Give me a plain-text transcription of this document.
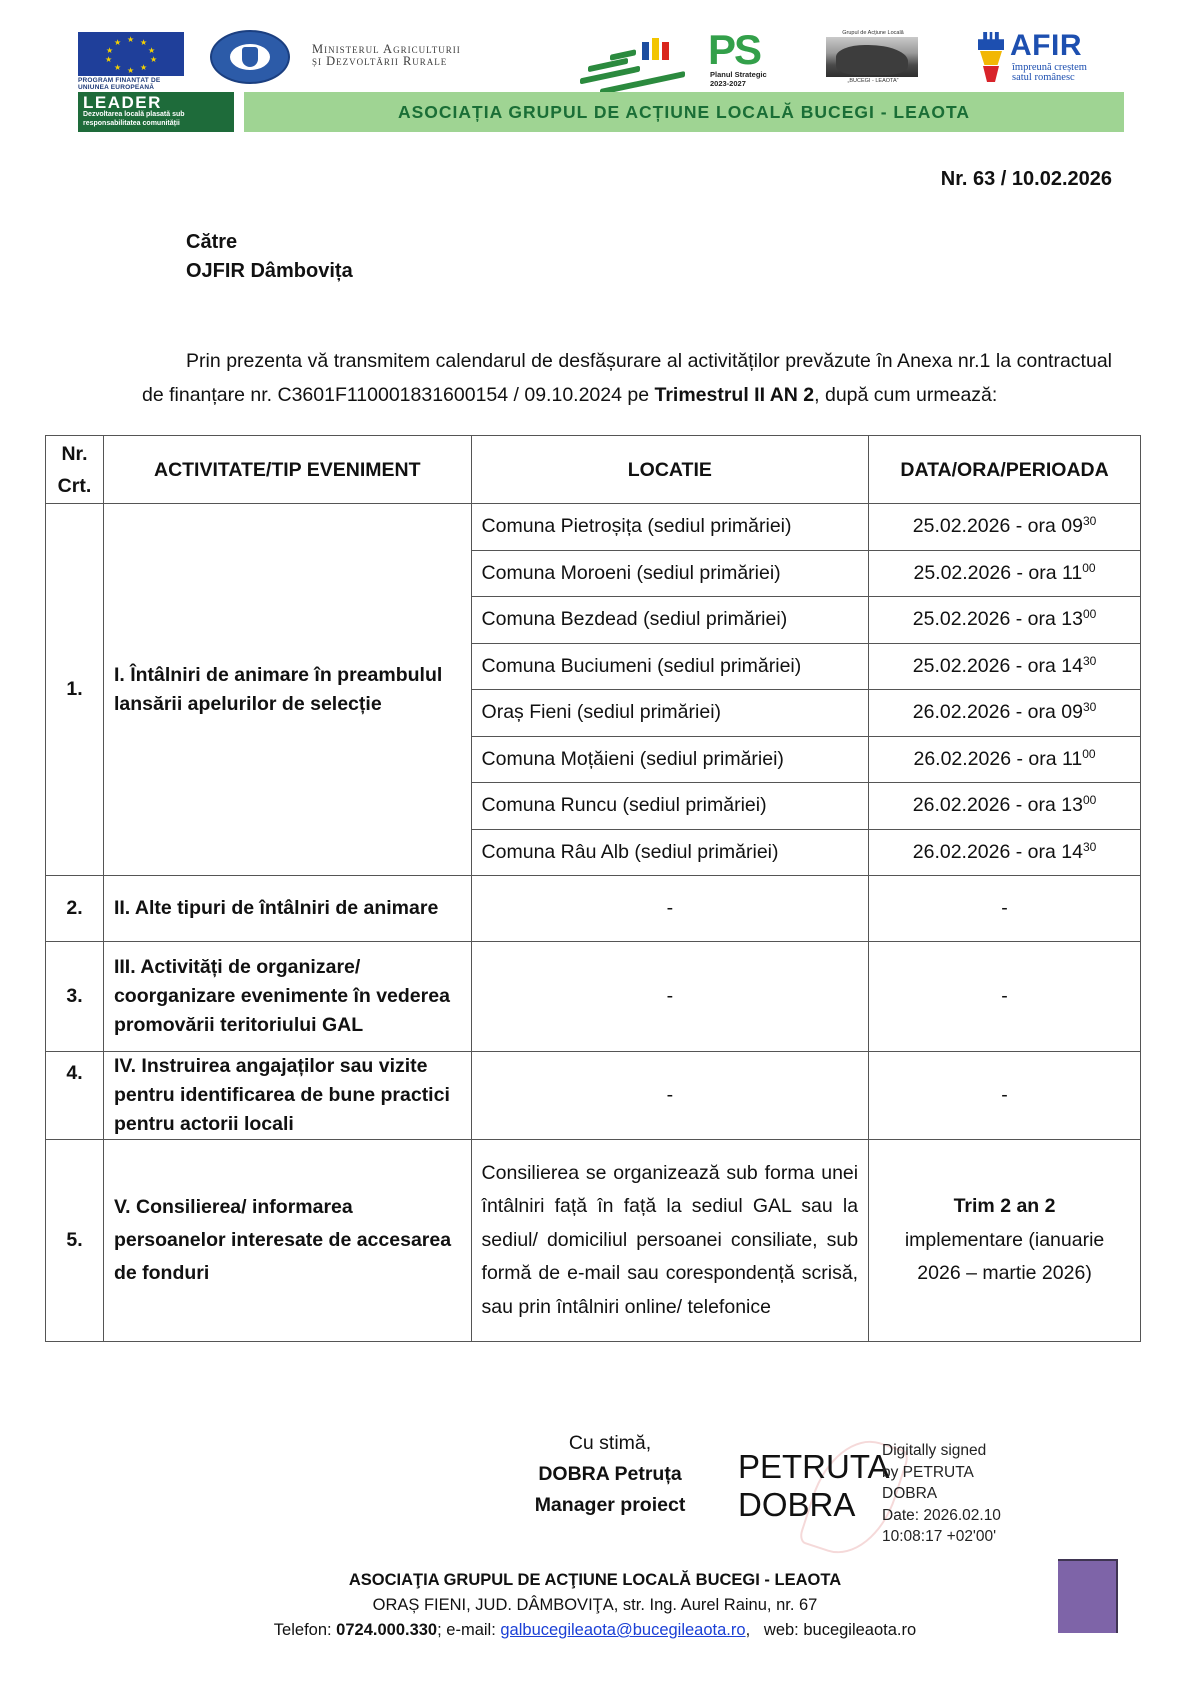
★ ★
★
★
★
★
★
★
★
★
PROGRAM FINANȚAT DE
UNIUNEA EUROPEANĂ
Ministerul Agriculturii
și Dezvoltării Rurale	PS
Planul Strategic
2023-2027
Grupul de Acțiune Locală
„BUCEGI - LEAOTA”
AFIR
împreună creștem
satul românesc
LEADER
Dezvoltarea locală plasată sub
responsabilitatea comunității
ASOCIAȚIA GRUPUL DE ACȚIUNE LOCALĂ BUCEGI - LEAOTA
Nr. 63 / 10.02.2026
Către
OJFIR Dâmbovița

Prin prezenta vă transmitem calendarul de desfășurare al activităților prevăzute în Anexa nr.1 la contractual de finanțare nr. C3601F110001831600154 / 09.10.2024 pe Trimestrul II AN 2, după cum urmează:

Nr.
Crt.	ACTIVITATE/TIP EVENIMENT	LOCATIE	DATA/ORA/PERIOADA
1.	I. Întâlniri de animare în preambulul lansării apelurilor de selecție	Comuna Pietroșița (sediul primăriei)	25.02.2026 - ora $09^{30}$
		Comuna Moroeni (sediul primăriei)	25.02.2026 - ora $11^{00}$
		Comuna Bezdead (sediul primăriei)	25.02.2026 - ora $13^{00}$
		Comuna Buciumeni (sediul primăriei)	25.02.2026 - ora $14^{30}$
		Oraș Fieni (sediul primăriei)	26.02.2026 - ora $09^{30}$
		Comuna Moțăieni (sediul primăriei)	26.02.2026 - ora $11^{00}$
		Comuna Runcu (sediul primăriei)	26.02.2026 - ora $13^{00}$
		Comuna Râu Alb (sediul primăriei)	26.02.2026 - ora $14^{30}$
2.	II. Alte tipuri de întâlniri de animare	-	-
3.	III. Activități de organizare/ coorganizare evenimente în vederea promovării teritoriului GAL	-	-
4.	IV. Instruirea angajaților sau vizite pentru identificarea de bune practici pentru actorii locali	-	-
5.	V. Consilierea/ informarea persoanelor interesate de accesarea de fonduri	Consilierea se organizează sub forma unei întâlniri față în față la sediul GAL sau la sediul/ domiciliul persoanei consiliate, sub formă de e-mail sau corespondență scrisă, sau prin întâlniri online/ telefonice	Trim 2 an 2
implementare (ianuarie 2026 – martie 2026)
Cu stimă,
DOBRA Petruța
Manager proiect
PETRUTA
DOBRA
Digitally signed
by PETRUTA
DOBRA
Date: 2026.02.10
10:08:17 +02'00'
ASOCIAŢIA GRUPUL DE ACŢIUNE LOCALĂ BUCEGI - LEAOTA
ORAȘ FIENI, JUD. DÂMBOVIŢA, str. Ing. Aurel Rainu, nr. 67
Telefon: 0724.000.330; e-mail: galbucegileaota@bucegileaota.ro,   web: bucegileaota.ro
